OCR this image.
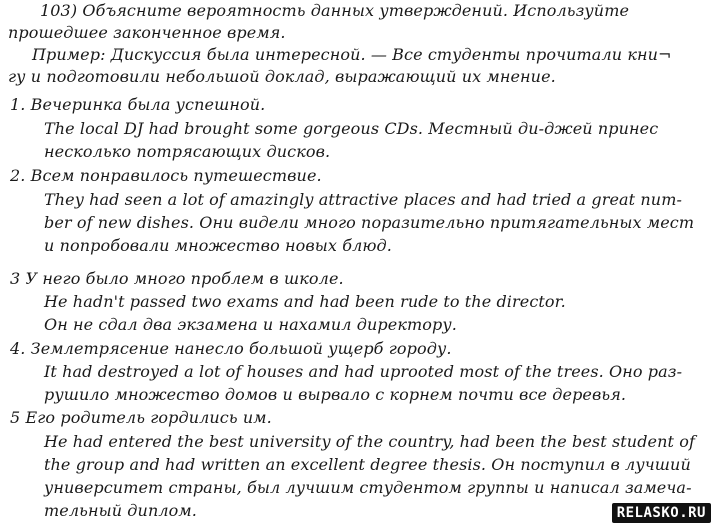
103) Объясните вероятность данных утверждений. Используйте
прошедшее законченное время.
Пример: Дискуссия была интересной. — Все студенты прочитали кни¬
гу и подготовили небольшой доклад, выражающий их мнение.
1. Вечеринка была успешной.
The local DJ had brought some gorgeous CDs. Местный ди-джей принес
несколько потрясающих дисков.
2. Всем понравилось путешествие.
They had seen a lot of amazingly attractive places and had tried a great num-
ber of new dishes. Они видели много поразительно притягательных мест
и попробовали множество новых блюд.
3 У него было много проблем в школе.
He hadn't passed two exams and had been rude to the director.
Он не сдал два экзамена и нахамил директору.
4. Землетрясение нанесло большой ущерб городу.
It had destroyed a lot of houses and had uprooted most of the trees. Оно раз-
рушило множество домов и вырвало с корнем почти все деревья.
5 Его родитель гордились им.
He had entered the best university of the country, had been the best student of
the group and had written an excellent degree thesis. Он поступил в лучший
университет страны, был лучшим студентом группы и написал замеча-
тельный диплом.	RELASKO.RU
